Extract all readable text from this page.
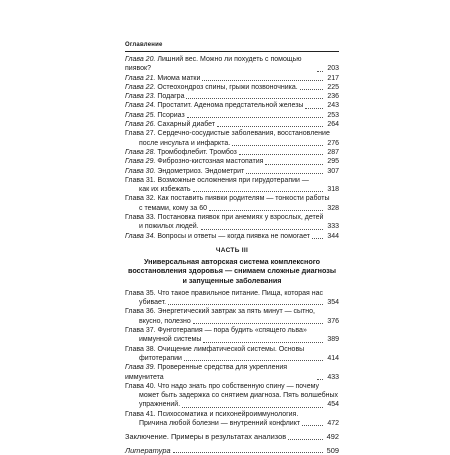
Оглавление
Глава 20. Лишний вес. Можно ли похудеть с помощью пиявок?	203
Глава 21. Миома матки	217
Глава 22. Остеохондроз спины, грыжи позвоночника.	225
Глава 23. Подагра	236
Глава 24. Простатит. Аденома предстательной железы	243
Глава 25. Псориаз	253
Глава 26. Сахарный диабет	264
Глава 27. Сердечно-сосудистые заболевания, восстановление
после инсульта и инфаркта.	276
Глава 28. Тромбофлебит. Тромбоз	287
Глава 29. Фиброзно-кистозная мастопатия	295
Глава 30. Эндометриоз. Эндометрит	307
Глава 31. Возможные осложнения при гирудотерапии —
как их избежать	318
Глава 32. Как поставить пиявки родителям — тонкости работы
с темами, кому за 60	328
Глава 33. Постановка пиявок при анемиях у взрослых, детей
и пожилых людей.	333
Глава 34. Вопросы и ответы — когда пиявка не помогает	344
ЧАСТЬ III
Универсальная авторская система комплексного восстановления здоровья — снимаем сложные диагнозы и запущенные заболевания
Глава 35. Что такое правильное питание. Пища, которая нас
убивает.	354
Глава 36. Энергетический завтрак за пять минут — сытно,
вкусно, полезно	376
Глава 37. Фунготерапия — пора будить «спящего льва»
иммунной системы	389
Глава 38. Очищение лимфатической системы. Основы
фитотерапии	414
Глава 39. Проверенные средства для укрепления иммунитета	433
Глава 40. Что надо знать про собственную спину — почему
может быть задержка со снятием диагноза. Пять волшебных
упражнений.	454
Глава 41. Психосоматика и психонейроиммунология.
Причина любой болезни — внутренний конфликт	472
Заключение. Примеры в результатах анализов	492
Литература	509
